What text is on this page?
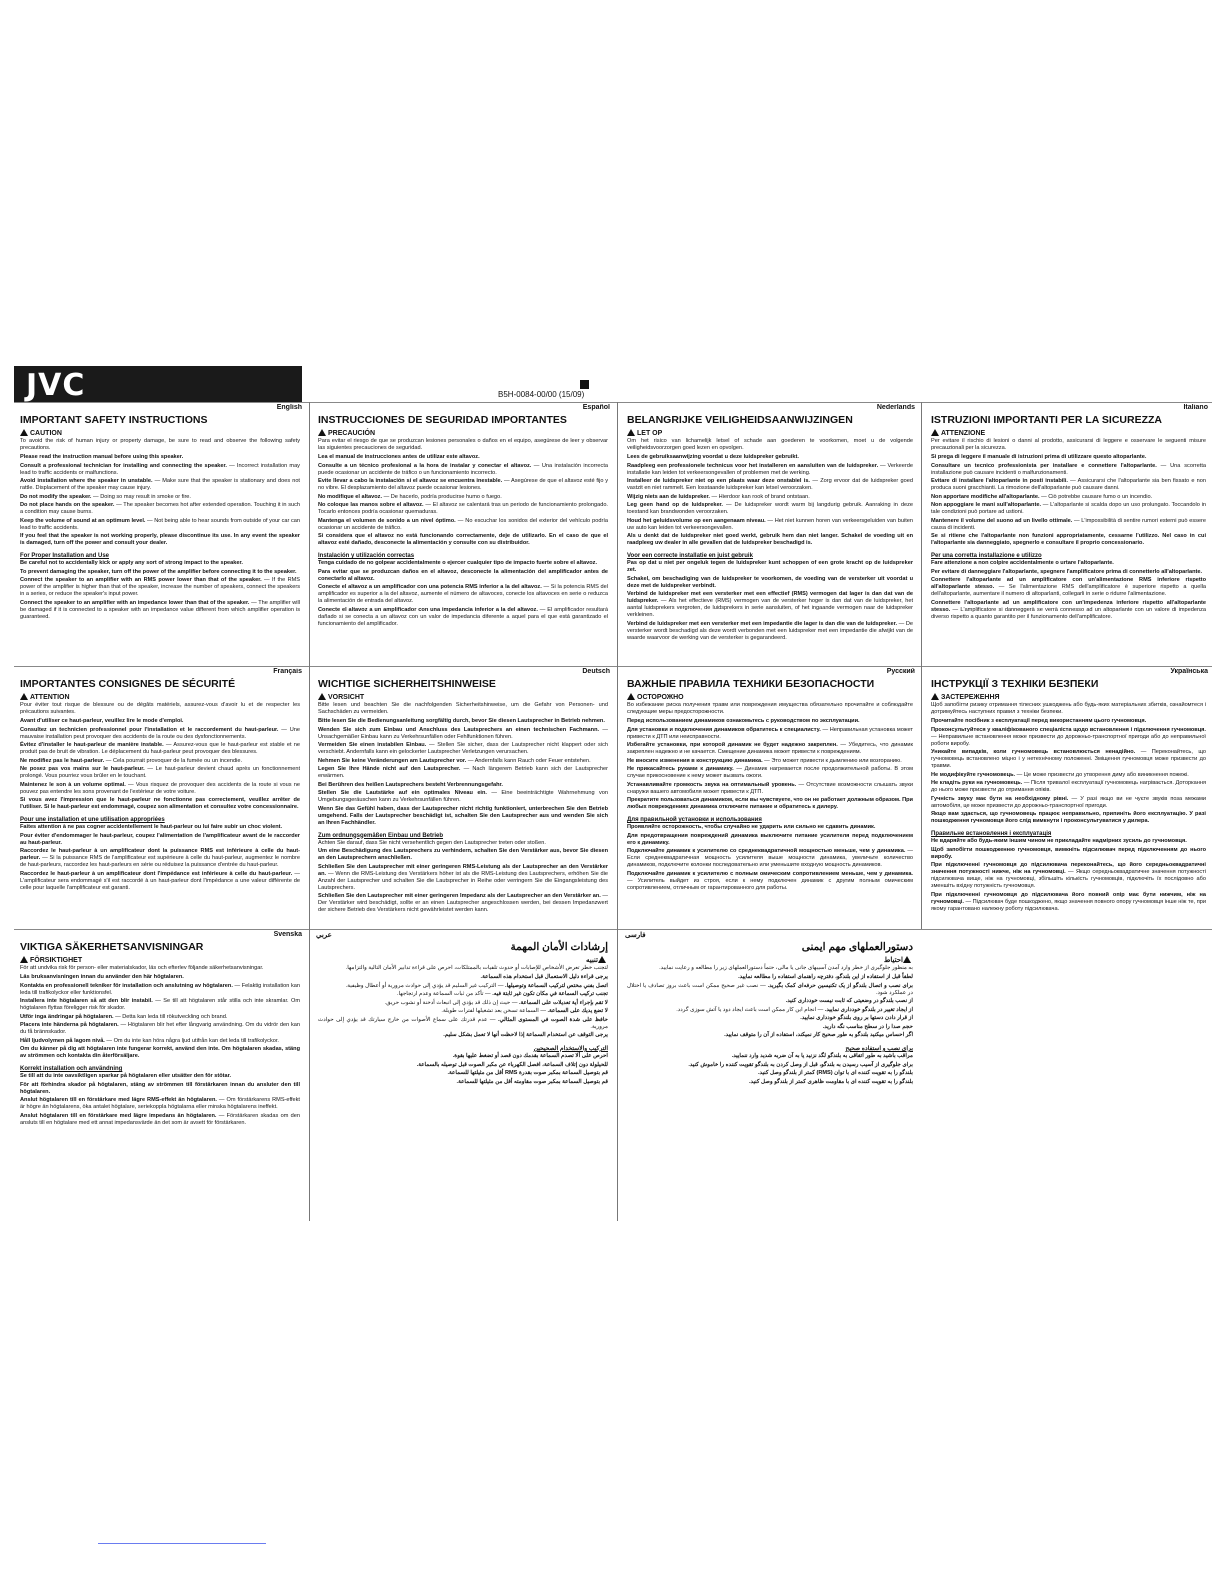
JVC	B5H-0084-00/00 (15/09)
English
IMPORTANT SAFETY INSTRUCTIONS
CAUTION
To avoid the risk of human injury or property damage, be sure to read and observe the following safety precautions.
Please read the instruction manual before using this speaker.
Consult a professional technician for installing and connecting the speaker. — Incorrect installation may lead to traffic accidents or malfunctions.
Avoid installation where the speaker in unstable. — Make sure that the speaker is stationary and does not rattle. Displacement of the speaker may cause injury.
Do not modify the speaker. — Doing so may result in smoke or fire.
Do not place hands on the speaker. — The speaker becomes hot after extended operation. Touching it in such a condition may cause burns.
Keep the volume of sound at an optimum level. — Not being able to hear sounds from outside of your car can lead to traffic accidents.
If you feel that the speaker is not working properly, please discontinue its use. In any event the speaker is damaged, turn off the power and consult your dealer.
For Proper Installation and Use
Be careful not to accidentally kick or apply any sort of strong impact to the speaker.
To prevent damaging the speaker, turn off the power of the amplifier before connecting it to the speaker.
Connect the speaker to an amplifier with an RMS power lower than that of the speaker. — If the RMS power of the amplifier is higher than that of the speaker, increase the number of speakers, connect the speakers in a series, or reduce the speaker's input power.
Connect the speaker to an amplifier with an impedance lower than that of the speaker. — The amplifier will be damaged if it is connected to a speaker with an impedance value different from which amplifier operation is guaranteed.
Español
INSTRUCCIONES DE SEGURIDAD IMPORTANTES
PRECAUCIÓN
Para evitar el riesgo de que se produzcan lesiones personales o daños en el equipo, asegúrese de leer y observar las siguientes precauciones de seguridad.
Lea el manual de instrucciones antes de utilizar este altavoz.
Consulte a un técnico profesional a la hora de instalar y conectar el altavoz. — Una instalación incorrecta puede ocasionar un accidente de tráfico o un funcionamiento incorrecto.
Evite llevar a cabo la instalación si el altavoz se encuentra inestable. — Asegúrese de que el altavoz esté fijo y no vibre. El desplazamiento del altavoz puede ocasionar lesiones.
No modifique el altavoz. — De hacerlo, podría producirse humo o fuego.
No coloque las manos sobre el altavoz. — El altavoz se calentará tras un periodo de funcionamiento prolongado. Tocarlo entonces podría ocasionar quemaduras.
Mantenga el volumen de sonido a un nivel óptimo. — No escuchar los sonidos del exterior del vehículo podría ocasionar un accidente de tráfico.
Si considera que el altavoz no está funcionando correctamente, deje de utilizarlo. En el caso de que el altavoz esté dañado, desconecte la alimentación y consulte con su distribuidor.
Instalación y utilización correctas
Tenga cuidado de no golpear accidentalmente o ejercer cualquier tipo de impacto fuerte sobre el altavoz.
Para evitar que se produzcan daños en el altavoz, desconecte la alimentación del amplificador antes de conectarlo al altavoz.
Conecte el altavoz a un amplificador con una potencia RMS inferior a la del altavoz. — Si la potencia RMS del amplificador es superior a la del altavoz, aumente el número de altavoces, conecte los altavoces en serie o reduzca la alimentación de entrada del altavoz.
Conecte el altavoz a un amplificador con una impedancia inferior a la del altavoz. — El amplificador resultará dañado si se conecta a un altavoz con un valor de impedancia diferente a aquel para el que está garantizado el funcionamiento del amplificador.
Nederlands
BELANGRIJKE VEILIGHEIDSAANWIJZINGEN
LET OP
Om het risico van lichamelijk letsel of schade aan goederen te voorkomen, moet u de volgende veiligheidsvoorzorgen goed lezen en opvolgen.
Lees de gebruiksaanwijzing voordat u deze luidspreker gebruikt.
Raadpleeg een professionele technicus voor het installeren en aansluiten van de luidspreker. — Verkeerde installatie kan leiden tot verkeersongevallen of problemen met de werking.
Installeer de luidspreker niet op een plaats waar deze onstabiel is. — Zorg ervoor dat de luidspreker goed vastzit en niet rammelt. Een losstaande luidspreker kan letsel veroorzaken.
Wijzig niets aan de luidspreker. — Hierdoor kan rook of brand ontstaan.
Leg geen hand op de luidspreker. — De luidspreker wordt warm bij langdurig gebruik. Aanraking in deze toestand kan brandwonden veroorzaken.
Houd het geluidsvolume op een aangenaam niveau. — Het niet kunnen horen van verkeersgeluiden van buiten uw auto kan leiden tot verkeersongevallen.
Als u denkt dat de luidspreker niet goed werkt, gebruik hem dan niet langer. Schakel de voeding uit en raadpleeg uw dealer in alle gevallen dat de luidspreker beschadigd is.
Voor een correcte installatie en juist gebruik
Pas op dat u niet per ongeluk tegen de luidspreker kunt schoppen of een grote kracht op de luidspreker zet.
Schakel, om beschadiging van de luidspreker te voorkomen, de voeding van de versterker uit voordat u deze met de luidspreker verbindt.
Verbind de luidspreker met een versterker met een effectief (RMS) vermogen dat lager is dan dat van de luidspreker. — Als het effectieve (RMS) vermogen van de versterker hoger is dan dat van de luidspreker, het aantal luidsprekers vergroten, de luidsprekers in serie aansluiten, of het ingaande vermogen naar de luidspreker verkleinen.
Verbind de luidspreker met een versterker met een impedantie die lager is dan die van de luidspreker. — De versterker wordt beschadigd als deze wordt verbonden met een luidspreker met een impedantie die afwijkt van de waarde waarvoor de werking van de versterker is gegarandeerd.
Italiano
ISTRUZIONI IMPORTANTI PER LA SICUREZZA
ATTENZIONE
Per evitare il rischio di lesioni o danni al prodotto, assicurarsi di leggere e osservare le seguenti misure precauzionali per la sicurezza.
Si prega di leggere il manuale di istruzioni prima di utilizzare questo altoparlante.
Consultare un tecnico professionista per installare e connettere l'altoparlante. — Una scorretta installazione può causare incidenti o malfunzionamenti.
Evitare di installare l'altoparlante in posti instabili. — Assicurarsi che l'altoparlante sia ben fissato e non produca suoni gracchianti. La rimozione dell'altoparlante può causare danni.
Non apportare modifiche all'altoparlante. — Ciò potrebbe causare fumo o un incendio.
Non appoggiare le mani sull'altoparlante. — L'altoparlante si scalda dopo un uso prolungato. Toccandolo in tale condizioni può portare ad ustioni.
Mantenere il volume del suono ad un livello ottimale. — L'impossibilità di sentire rumori esterni può essere causa di incidenti.
Se si ritiene che l'altoparlante non funzioni appropriatamente, cessarne l'utilizzo. Nel caso in cui l'altoparlante sia danneggiato, spegnerlo e consultare il proprio concessionario.
Per una corretta installazione e utilizzo
Fare attenzione a non colpire accidentalmente o urtare l'altoparlante.
Per evitare di danneggiare l'altoparlante, spegnere l'amplificatore prima di connetterlo all'altoparlante.
Connettere l'altoparlante ad un amplificatore con un'alimentazione RMS inferiore rispetto all'altoparlante stesso. — Se l'alimentazione RMS dell'amplificatore è superiore rispetto a quella dell'altoparlante, aumentare il numero di altoparlanti, collegarli in serie o ridurre l'alimentazione.
Connettere l'altoparlante ad un amplificatore con un'impedenza inferiore rispetto all'altoparlante stesso. — L'amplificatore si danneggerà se verrà connesso ad un altoparlante con un valore di impedenza diverso rispetto a quanto garantito per il funzionamento dell'amplificatore.
Français
IMPORTANTES CONSIGNES DE SÉCURITÉ
ATTENTION
Pour éviter tout risque de blessure ou de dégâts matériels, assurez-vous d'avoir lu et de respecter les précautions suivantes.
Avant d'utiliser ce haut-parleur, veuillez lire le mode d'emploi.
Consultez un technicien professionnel pour l'installation et le raccordement du haut-parleur. — Une mauvaise installation peut provoquer des accidents de la route ou des dysfonctionnements.
Évitez d'installer le haut-parleur de manière instable. — Assurez-vous que le haut-parleur est stable et ne produit pas de bruit de vibration. Le déplacement du haut-parleur peut provoquer des blessures.
Ne modifiez pas le haut-parleur. — Cela pourrait provoquer de la fumée ou un incendie.
Ne posez pas vos mains sur le haut-parleur. — Le haut-parleur devient chaud après un fonctionnement prolongé. Vous pourriez vous brûler en le touchant.
Maintenez le son à un volume optimal. — Vous risquez de provoquer des accidents de la route si vous ne pouvez pas entendre les sons provenant de l'extérieur de votre voiture.
Si vous avez l'impression que le haut-parleur ne fonctionne pas correctement, veuillez arrêter de l'utiliser. Si le haut-parleur est endommagé, coupez son alimentation et consultez votre concessionnaire.
Pour une installation et une utilisation appropriées
Faites attention à ne pas cogner accidentellement le haut-parleur ou lui faire subir un choc violent.
Pour éviter d'endommager le haut-parleur, coupez l'alimentation de l'amplificateur avant de le raccorder au haut-parleur.
Raccordez le haut-parleur à un amplificateur dont la puissance RMS est inférieure à celle du haut-parleur. — Si la puissance RMS de l'amplificateur est supérieure à celle du haut-parleur, augmentez le nombre de haut-parleurs, raccordez les haut-parleurs en série ou réduisez la puissance d'entrée du haut-parleur.
Raccordez le haut-parleur à un amplificateur dont l'impédance est inférieure à celle du haut-parleur. — L'amplificateur sera endommagé s'il est raccordé à un haut-parleur dont l'impédance a une valeur différente de celle pour laquelle l'amplificateur est garanti.
Deutsch
WICHTIGE SICHERHEITSHINWEISE
VORSICHT
Bitte lesen und beachten Sie die nachfolgenden Sicherheitshinweise, um die Gefahr von Personen- und Sachschäden zu vermeiden.
Bitte lesen Sie die Bedienungsanleitung sorgfältig durch, bevor Sie diesen Lautsprecher in Betrieb nehmen.
Wenden Sie sich zum Einbau und Anschluss des Lautsprechers an einen technischen Fachmann. — Unsachgemäßer Einbau kann zu Verkehrsunfällen oder Fehlfunktionen führen.
Vermeiden Sie einen instabilen Einbau. — Stellen Sie sicher, dass der Lautsprecher nicht klappert oder sich verschiebt. Andernfalls kann ein gelockerter Lautsprecher Verletzungen verursachen.
Nehmen Sie keine Veränderungen am Lautsprecher vor. — Andernfalls kann Rauch oder Feuer entstehen.
Legen Sie Ihre Hände nicht auf den Lautsprecher. — Nach längerem Betrieb kann sich der Lautsprecher erwärmen.
Bei Berühren des heißen Lautsprechers besteht Verbrennungsgefahr.
Stellen Sie die Lautstärke auf ein optimales Niveau ein. — Eine beeinträchtigte Wahrnehmung von Umgebungsgeräuschen kann zu Verkehrsunfällen führen.
Wenn Sie das Gefühl haben, dass der Lautsprecher nicht richtig funktioniert, unterbrechen Sie den Betrieb umgehend. Falls der Lautsprecher beschädigt ist, schalten Sie den Lautsprecher aus und wenden Sie sich an Ihren Fachhändler.
Zum ordnungsgemäßen Einbau und Betrieb
Achten Sie darauf, dass Sie nicht versehentlich gegen den Lautsprecher treten oder stoßen.
Um eine Beschädigung des Lautsprechers zu verhindern, schalten Sie den Verstärker aus, bevor Sie diesen an den Lautsprechern anschließen.
Schließen Sie den Lautsprecher mit einer geringeren RMS-Leistung als der Lautsprecher an den Verstärker an. — Wenn die RMS-Leistung des Verstärkers höher ist als die RMS-Leistung des Lautsprechers, erhöhen Sie die Anzahl der Lautsprecher und schalten Sie die Lautsprecher in Reihe oder verringern Sie die Eingangsleistung des Lautsprechers.
Schließen Sie den Lautsprecher mit einer geringeren Impedanz als der Lautsprecher an den Verstärker an. — Der Verstärker wird beschädigt, sollte er an einen Lautsprecher angeschlossen werden, bei dessen Impedanzwert der sichere Betrieb des Verstärkers nicht gewährleistet werden kann.
Русский
ВАЖНЫЕ ПРАВИЛА ТЕХНИКИ БЕЗОПАСНОСТИ
ОСТОРОЖНО
Во избежание риска получения травм или повреждения имущества обязательно прочитайте и соблюдайте следующие меры предосторожности.
Перед использованием динамиков ознакомьтесь с руководством по эксплуатации.
Для установки и подключения динамиков обратитесь к специалисту. — Неправильная установка может привести к ДТП или неисправности.
Избегайте установки, при которой динамик не будет надежно закреплен. — Убедитесь, что динамик закреплен надежно и не качается. Смещение динамика может привести к повреждениям.
Не вносите изменения в конструкцию динамика. — Это может привести к дымлению или возгоранию.
Не прикасайтесь руками к динамику. — Динамик нагревается после продолжительной работы. В этом случае прикосновение к нему может вызвать ожоги.
Устанавливайте громкость звука на оптимальный уровень. — Отсутствие возможности слышать звуки снаружи вашего автомобиля может привести к ДТП.
Прекратите пользоваться динамиком, если вы чувствуете, что он не работает должным образом. При любых повреждениях динамика отключите питание и обратитесь к дилеру.
Для правильной установки и использования
Проявляйте осторожность, чтобы случайно не ударить или сильно не сдавить динамик.
Для предотвращения повреждений динамика выключите питание усилителя перед подключением его к динамику.
Подключайте динамик к усилителю со среднеквадратичной мощностью меньше, чем у динамика. — Если среднеквадратичная мощность усилителя выше мощности динамика, увеличьте количество динамиков, подключите колонки последовательно или уменьшите входную мощность динамиков.
Подключайте динамик к усилителю с полным омическим сопротивлением меньше, чем у динамика. — Усилитель выйдет из строя, если к нему подключен динамик с другим полным омическим сопротивлением, отличным от гарантированного для работы.
Українська
ІНСТРУКЦІЇ З ТЕХНІКИ БЕЗПЕКИ
ЗАСТЕРЕЖЕННЯ
Щоб запобігти ризику отримання тілесних ушкоджень або будь-яких матеріальних збитків, ознайомтеся і дотримуйтесь наступних правил з техніки безпеки.
Прочитайте посібник з експлуатації перед використанням цього гучномовця.
Проконсультуйтеся у кваліфікованого спеціаліста щодо встановлення і підключення гучномовця. — Неправильне встановлення може призвести до дорожньо-транспортної пригоди або до неправильної роботи виробу.
Уникайте випадків, коли гучномовець встановлюється ненадійно. — Переконайтесь, що гучномовець встановлено міцно і у нетехнічному положенні. Зміщення гучномовця може призвести до травми.
Не модифікуйте гучномовець. — Це може призвести до утворення диму або виникнення пожежі.
Не кладіть руки на гучномовець. — Після тривалої експлуатації гучномовець нагрівається. Доторкання до нього може призвести до отримання опіків.
Гучність звуку має бути на необхідному рівні. — У разі якщо ви не чуєте звуків поза межами автомобіля, це може призвести до дорожньо-транспортної пригоди.
Якщо вам здається, що гучномовець працює неправильно, припиніть його експлуатацію. У разі пошкодження гучномовця його слід вимкнути і проконсультуватися у дилера.
Правильне встановлення і експлуатація
Не вдаряйте або будь-яким іншим чином не прикладайте надмірних зусиль до гучномовця.
Щоб запобігти пошкодженню гучномовця, вимкніть підсилювач перед підключенням до нього виробу.
При підключенні гучномовця до підсилювача переконайтесь, що його середньоквадратичні значення потужності нижче, ніж на гучномовці. — Якщо середньоквадратичне значення потужності підсилювача вище, ніж на гучномовці, збільшіть кількість гучномовців, підключіть їх послідовно або зменшіть вхідну потужність гучномовця.
При підключенні гучномовця до підсилювача його повний опір має бути нижчим, ніж на гучномовці. — Підсилювач буде пошкоджено, якщо значення повного опору гучномовця інше ніж те, при якому гарантовано належну роботу підсилювача.
Svenska
VIKTIGA SÄKERHETSANVISNINGAR
FÖRSIKTIGHET
För att undvika risk för person- eller materialskador, läs och efterlev följande säkerhetsanvisningar.
Läs bruksanvisningen innan du använder den här högtalaren.
Kontakta en professionell tekniker för installation och anslutning av högtalaren. — Felaktig installation kan leda till trafikolyckor eller funktionsfel.
Installera inte högtalaren så att den blir instabil. — Se till att högtalaren står stilla och inte skramlar. Om högtalaren flyttas föreligger risk för skador.
Utför inga ändringar på högtalaren. — Detta kan leda till rökutveckling och brand.
Placera inte händerna på högtalaren. — Högtalaren blir het efter långvarig användning. Om du vidrör den kan du få brännskador.
Håll ljudvolymen på lagom nivå. — Om du inte kan höra några ljud utifrån kan det leda till trafikolyckor.
Om du känner på dig att högtalaren inte fungerar korrekt, använd den inte. Om högtalaren skadas, stäng av strömmen och kontakta din återförsäljare.
Korrekt installation och användning
Se till att du inte oavsiktligen sparkar på högtalaren eller utsätter den för stötar.
För att förhindra skador på högtalaren, stäng av strömmen till förstärkaren innan du ansluter den till högtalaren.
Anslut högtalaren till en förstärkare med lägre RMS-effekt än högtalaren. — Om förstärkarens RMS-effekt är högre än högtalarens, öka antalet högtalare, seriekoppla högtalarna eller minska högtalarens ineffekt.
Anslut högtalaren till en förstärkare med lägre impedans än högtalaren. — Förstärkaren skadas om den ansluts till en högtalare med ett annat impedansvärde än det som är avsett för förstärkaren.
عربي
إرشادات الأمان المهمة
تنبيه
لتجنب خطر تعرض الأشخاص للإصابات أو حدوث تلفيات بالممتلكات، احرص على قراءة تدابير الأمان التالية والتزامها.
يرجى قراءة دليل الاستعمال قبل استخدام هذه السماعة.
اتصل بفني مختص لتركيب السماعة وتوصيلها. — التركيب غير السليم قد يؤدي إلى حوادث مرورية أو أعطال وظيفية.
تجنب تركيب السماعة في مكان تكون غير ثابتة فيه. — تأكد من ثبات السماعة وعدم ارتجاجها.
لا تقم بإجراء أية تعديلات على السماعة. — حيث إن ذلك قد يؤدي إلى انبعاث أدخنة أو نشوب حريق.
لا تضع يديك على السماعة. — السماعة تسخن بعد تشغيلها لفترات طويلة.
حافظ على شدة الصوت في المستوى المثالي. — عدم قدرتك على سماع الأصوات من خارج سيارتك قد يؤدي إلى حوادث مرورية.
يرجى التوقف عن استخدام السماعة إذا لاحظت أنها لا تعمل بشكل سليم.
التركيب والاستخدام الصحيحين
احرص على ألا تصدم السماعة بقدمك دون قصد أو تضغط عليها بقوة.
للحيلولة دون إتلاف السماعة، افصل الكهرباء عن مكبر الصوت قبل توصيله بالسماعة.
قم بتوصيل السماعة بمكبر صوت بقدرة RMS أقل من مثيلتها للسماعة.
قم بتوصيل السماعة بمكبر صوت مقاومته أقل من مثيلتها للسماعة.
فارسی
دستورالعملهای مهم ایمنی
احتیاط
به منظور جلوگیری از خطر وارد آمدن آسیبهای جانی یا مالی، حتماً دستورالعملهای زیر را مطالعه و رعایت نمایید.
لطفاً قبل از استفاده از این بلندگو، دفترچه راهنمای استفاده را مطالعه نمایید.
برای نصب و اتصال بلندگو از یک تکنیسین حرفه‌ای کمک بگیرید. — نصب غیر صحیح ممکن است باعث بروز تصادف یا اختلال در عملکرد شود.
از نصب بلندگو در وضعیتی که ثابت نیست خودداری کنید.
از ایجاد تغییر در بلندگو خودداری نمایید. — انجام این کار ممکن است باعث ایجاد دود یا آتش سوزی گردد.
از قرار دادن دستها بر روی بلندگو خودداری نمایید.
حجم صدا را در سطح مناسب نگه دارید.
اگر احساس میکنید بلندگو به طور صحیح کار نمیکند، استفاده از آن را متوقف نمایید.
برای نصب و استفاده صحیح
مراقب باشید به طور اتفاقی به بلندگو لگد نزنید یا به آن ضربه شدید وارد ننمایید.
برای جلوگیری از آسیب رسیدن به بلندگو، قبل از وصل کردن به بلندگو تقویت کننده را خاموش کنید.
بلندگو را به تقویت کننده ای با توان (RMS) کمتر از بلندگو وصل کنید.
بلندگو را به تقویت کننده ای با مقاومت ظاهری کمتر از بلندگو وصل کنید.
